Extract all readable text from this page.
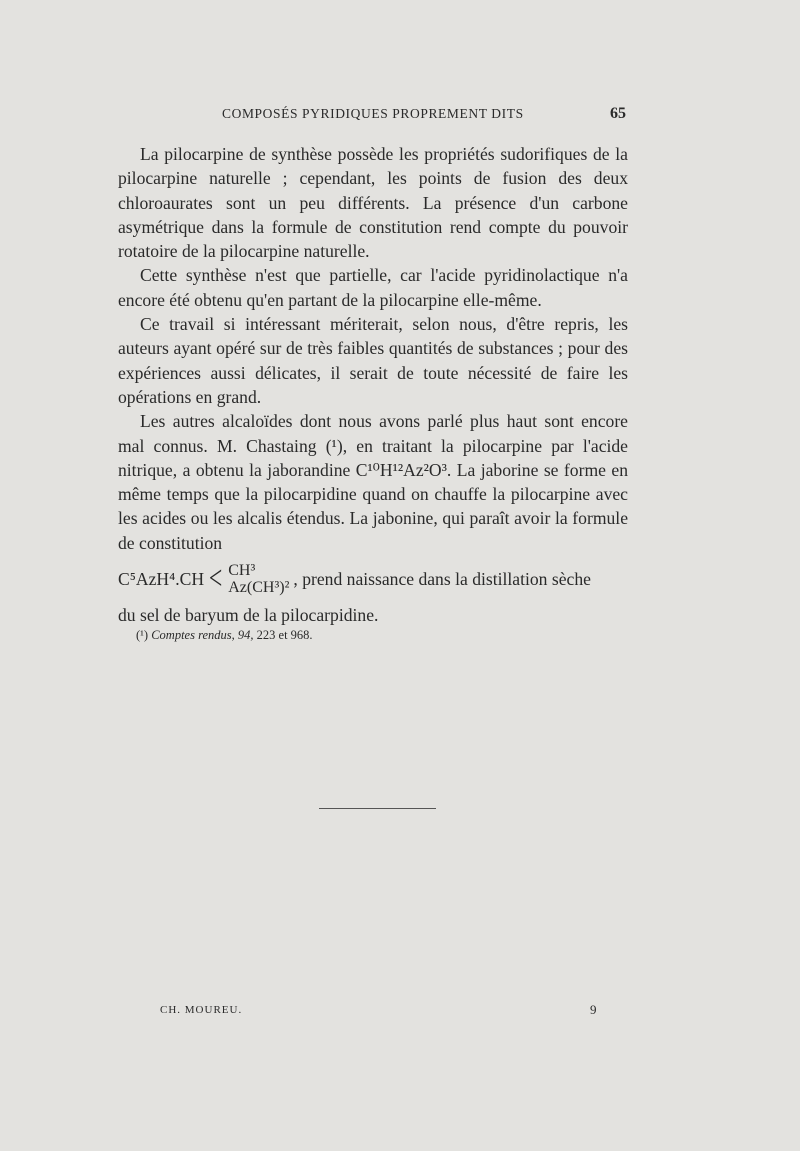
COMPOSÉS PYRIDIQUES PROPREMENT DITS	65

La pilocarpine de synthèse possède les propriétés sudorifiques de la pilocarpine naturelle ; cependant, les points de fusion des deux chloroaurates sont un peu différents. La présence d'un carbone asymétrique dans la formule de constitution rend compte du pouvoir rotatoire de la pilocarpine naturelle.

Cette synthèse n'est que partielle, car l'acide pyridinolactique n'a encore été obtenu qu'en partant de la pilocarpine elle-même.

Ce travail si intéressant mériterait, selon nous, d'être repris, les auteurs ayant opéré sur de très faibles quantités de substances ; pour des expériences aussi délicates, il serait de toute nécessité de faire les opérations en grand.

Les autres alcaloïdes dont nous avons parlé plus haut sont encore mal connus. M. Chastaing (¹), en traitant la pilocarpine par l'acide nitrique, a obtenu la jaborandine C¹⁰H¹²Az²O³. La jaborine se forme en même temps que la pilocarpidine quand on chauffe la pilocarpine avec les acides ou les alcalis étendus. La jabonine, qui paraît avoir la formule de constitution

C⁵AzH⁴.CH < CH³
Az(CH³)² , prend naissance dans la distillation sèche
du sel de baryum de la pilocarpidine.
(¹) Comptes rendus, 94, 223 et 968.
CH. MOUREU.	9
